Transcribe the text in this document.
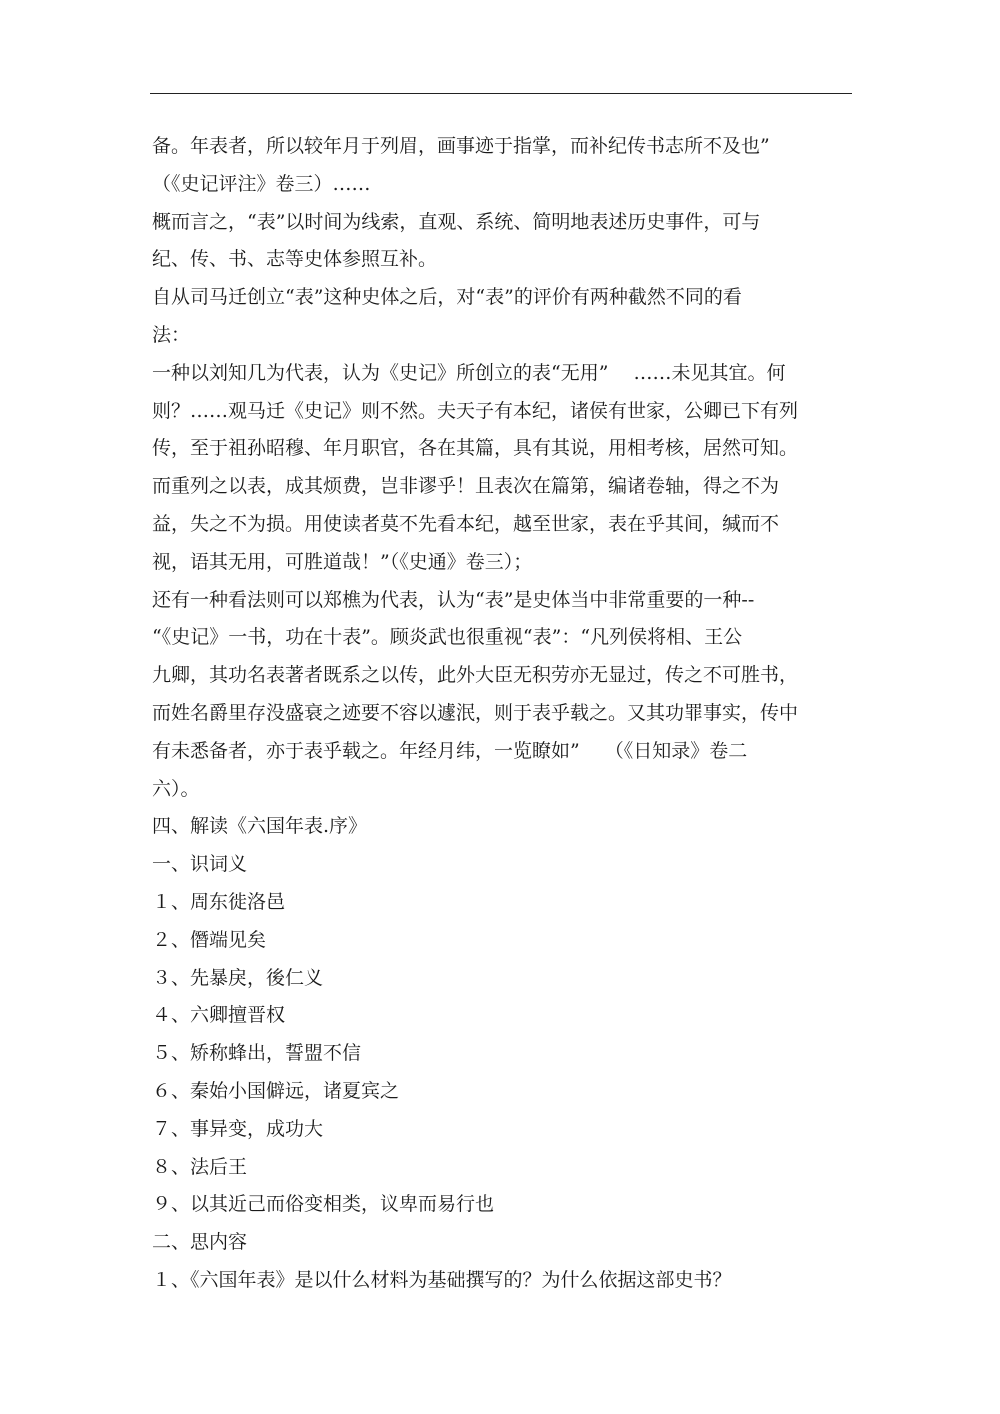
备。年表者，所以较年月于列眉，画事迹于指掌，而补纪传书志所不及也”
（《史记评注》卷三）……
概而言之，“表”以时间为线索，直观、系统、简明地表述历史事件，可与
纪、传、书、志等史体参照互补。
自从司马迁创立“表”这种史体之后，对“表”的评价有两种截然不同的看
法：
一种以刘知几为代表，认为《史记》所创立的表“无用”　 ……未见其宜。何
则？……观马迁《史记》则不然。夫天子有本纪，诸侯有世家，公卿已下有列
传，至于祖孙昭穆、年月职官，各在其篇，具有其说，用相考核，居然可知。
而重列之以表，成其烦费，岂非谬乎！且表次在篇第，编诸卷轴，得之不为
益，失之不为损。用使读者莫不先看本纪，越至世家，表在乎其间，缄而不
视，语其无用，可胜道哉！”（《史通》卷三）；
还有一种看法则可以郑樵为代表，认为“表”是史体当中非常重要的一种--
“《史记》一书，功在十表”。顾炎武也很重视“表”：“凡列侯将相、王公
九卿，其功名表著者既系之以传，此外大臣无积劳亦无显过，传之不可胜书，
而姓名爵里存没盛衰之迹要不容以遽泯，则于表乎载之。又其功罪事实，传中
有未悉备者，亦于表乎载之。年经月纬，一览瞭如”　 （《日知录》卷二
六）。
四、解读《六国年表.序》
一、识词义
１、周东徙洛邑
２、僭端见矣
３、先暴戾，後仁义
４、六卿擅晋权
５、矫称蜂出，誓盟不信
６、秦始小国僻远，诸夏宾之
７、事异变，成功大
８、法后王
９、以其近己而俗变相类，议卑而易行也
二、思内容
１、《六国年表》是以什么材料为基础撰写的？为什么依据这部史书？
